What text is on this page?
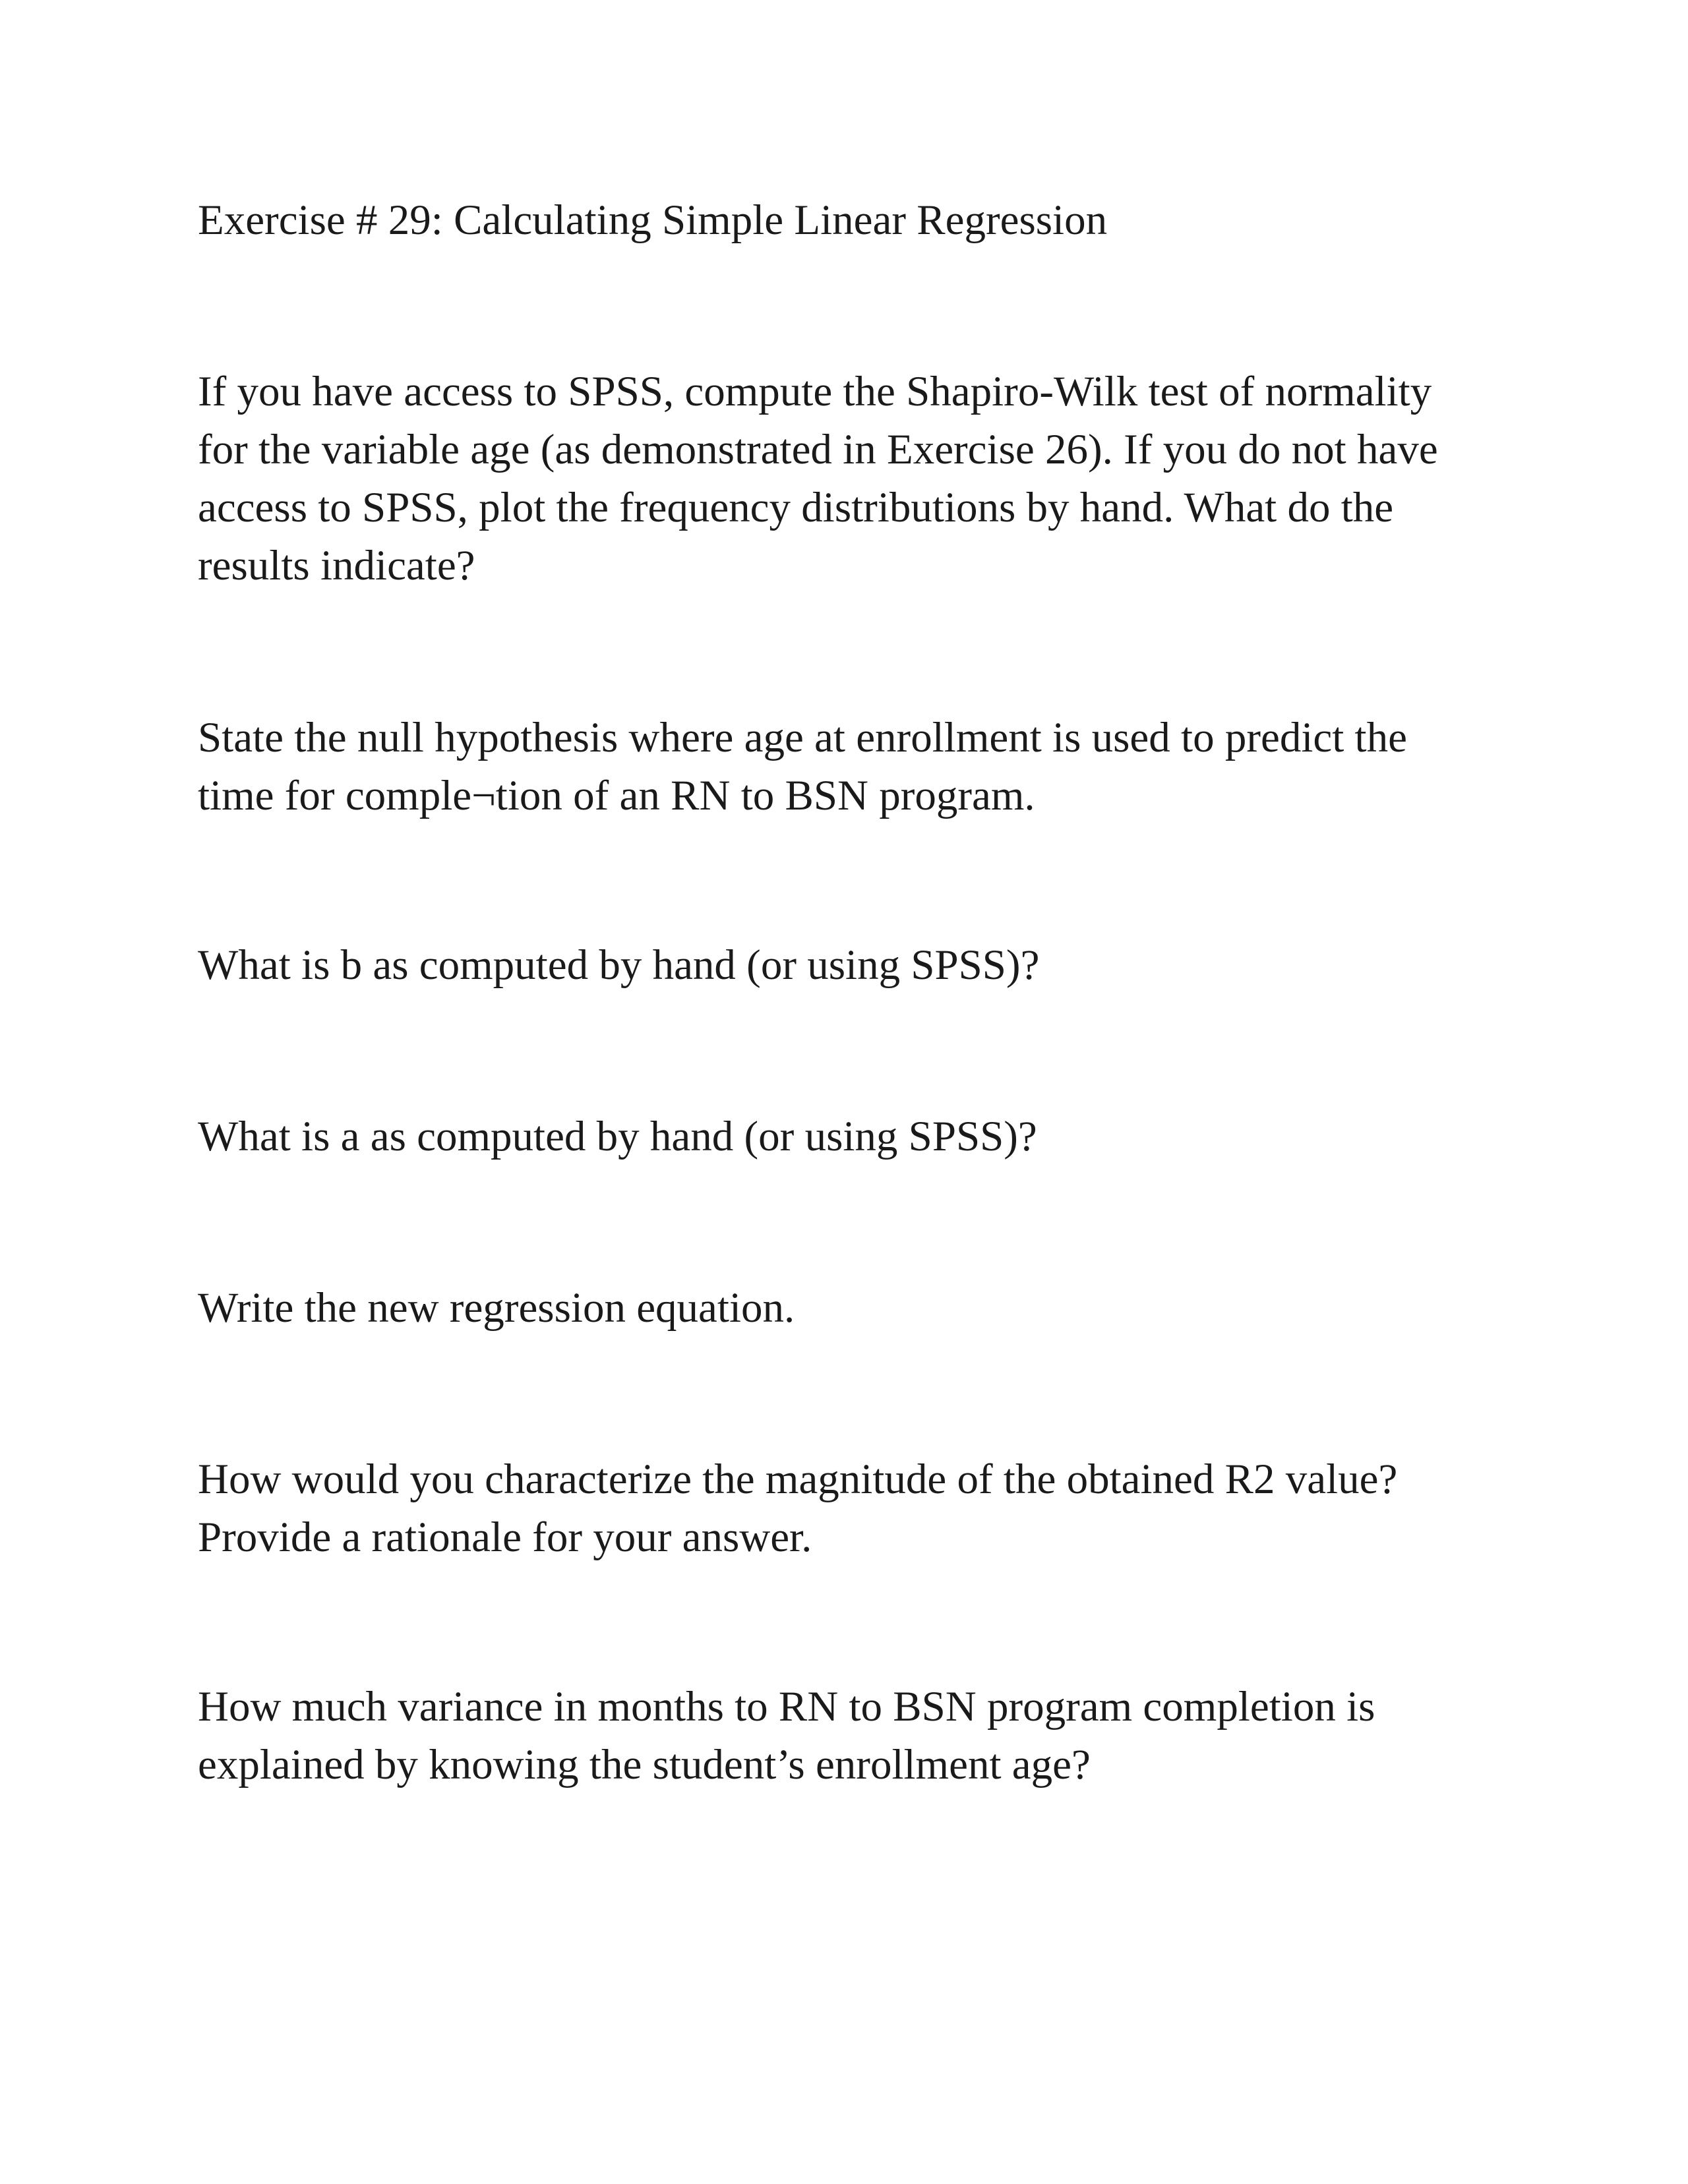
Exercise # 29: Calculating Simple Linear Regression

If you have access to SPSS, compute the Shapiro-Wilk test of normality
for the variable age (as demonstrated in Exercise 26). If you do not have
access to SPSS, plot the frequency distributions by hand. What do the
results indicate?

State the null hypothesis where age at enrollment is used to predict the
time for comple¬tion of an RN to BSN program.

What is b as computed by hand (or using SPSS)?

What is a as computed by hand (or using SPSS)?

Write the new regression equation.

How would you characterize the magnitude of the obtained R2 value?
Provide a rationale for your answer.

How much variance in months to RN to BSN program completion is
explained by knowing the student’s enrollment age?
